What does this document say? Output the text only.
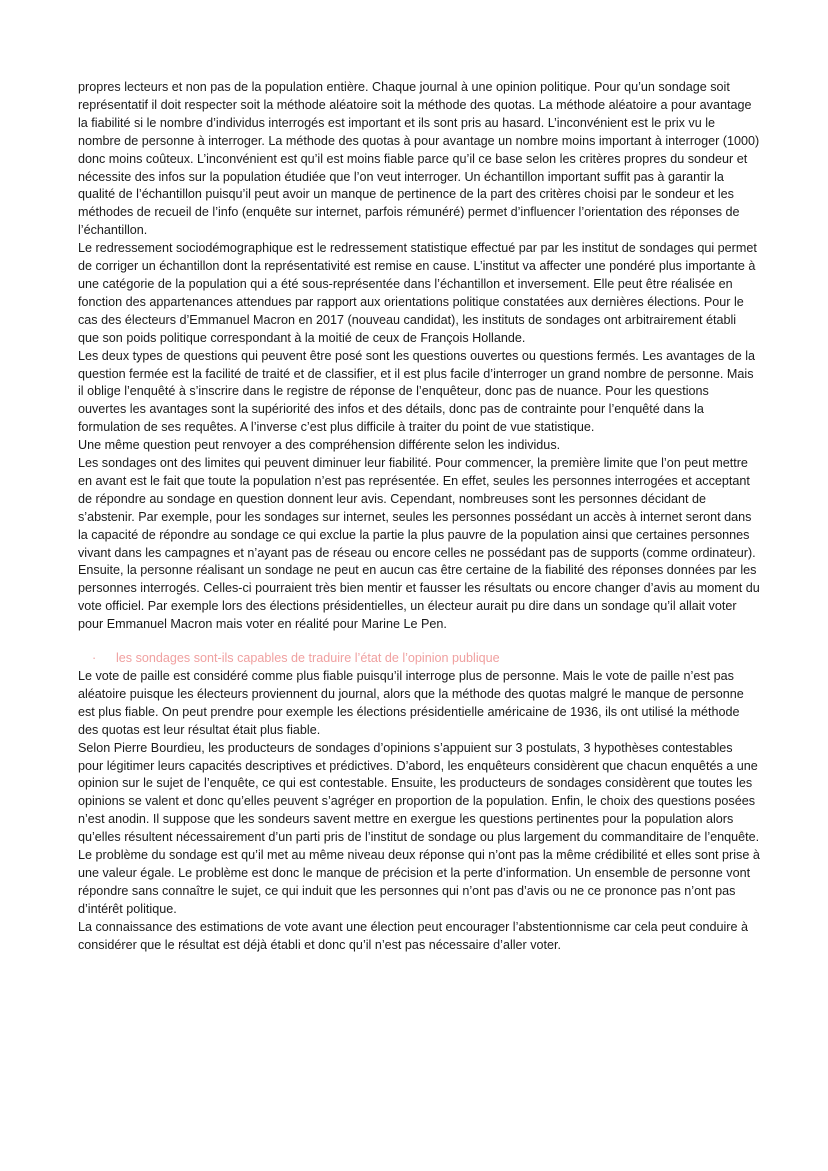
propres lecteurs et non pas de la population entière. Chaque journal à une opinion politique. Pour qu’un sondage soit représentatif il doit respecter soit la méthode aléatoire soit la méthode des quotas. La méthode aléatoire a pour avantage la fiabilité si le nombre d’individus interrogés est important et ils sont pris au hasard. L’inconvénient est le prix vu le nombre de personne à interroger. La méthode des quotas à pour avantage un nombre moins important à interroger (1000) donc moins coûteux. L’inconvénient est qu’il est moins fiable parce qu’il ce base selon les critères propres du sondeur et nécessite des infos sur la population étudiée que l’on veut interroger. Un échantillon important suffit pas à garantir la qualité de l’échantillon puisqu’il peut avoir un manque de pertinence de la part des critères choisi par le sondeur et les méthodes de recueil de l’info (enquête sur internet, parfois rémunéré) permet d’influencer l’orientation des réponses de l’échantillon.

Le redressement sociodémographique est le redressement statistique effectué par par les institut de sondages qui permet de corriger un échantillon dont la représentativité est remise en cause. L’institut va affecter une pondéré plus importante à une catégorie de la population qui a été sous-représentée dans l’échantillon et inversement. Elle peut être réalisée en fonction des appartenances attendues par rapport aux orientations politique constatées aux dernières élections. Pour le cas des électeurs d’Emmanuel Macron en 2017 (nouveau candidat), les instituts de sondages ont arbitrairement établi que son poids politique correspondant à la moitié de ceux de François Hollande.

Les deux types de questions qui peuvent être posé sont les questions ouvertes ou questions fermés. Les avantages de la question fermée est la facilité de traité et de classifier, et il est plus facile d’interroger un grand nombre de personne. Mais il oblige l’enquêté à s’inscrire dans le registre de réponse de l’enquêteur, donc pas de nuance. Pour les questions ouvertes les avantages sont la supériorité des infos et des détails, donc pas de contrainte pour l’enquêté dans la formulation de ses requêtes. A l’inverse c’est plus difficile à traiter du point de vue statistique.

Une même question peut renvoyer a des compréhension différente selon les individus.

Les sondages ont des limites qui peuvent diminuer leur fiabilité. Pour commencer, la première limite que l’on peut mettre en avant est le fait que toute la population n’est pas représentée. En effet, seules les personnes interrogées et acceptant de répondre au sondage en question donnent leur avis. Cependant, nombreuses sont les personnes décidant de s’abstenir. Par exemple, pour les sondages sur internet, seules les personnes possédant un accès à internet seront dans la capacité de répondre au sondage ce qui exclue la partie la plus pauvre de la population ainsi que certaines personnes vivant dans les campagnes et n’ayant pas de réseau ou encore celles ne possédant pas de supports (comme ordinateur). Ensuite, la personne réalisant un sondage ne peut en aucun cas être certaine de la fiabilité des réponses données par les personnes interrogés. Celles-ci pourraient très bien mentir et fausser les résultats ou encore changer d’avis au moment du vote officiel. Par exemple lors des élections présidentielles, un électeur aurait pu dire dans un sondage qu’il allait voter pour Emmanuel Macron mais voter en réalité pour Marine Le Pen.

· les sondages sont-ils capables de traduire l’état de l’opinion publique

Le vote de paille est considéré comme plus fiable puisqu’il interroge plus de personne. Mais le vote de paille n’est pas aléatoire puisque les électeurs proviennent du journal, alors que la méthode des quotas malgré le manque de personne est plus fiable. On peut prendre pour exemple les élections présidentielle américaine de 1936, ils ont utilisé la méthode des quotas est leur résultat était plus fiable.

Selon Pierre Bourdieu, les producteurs de sondages d’opinions s’appuient sur 3 postulats, 3 hypothèses contestables pour légitimer leurs capacités descriptives et prédictives. D’abord, les enquêteurs considèrent que chacun enquêtés a une opinion sur le sujet de l’enquête, ce qui est contestable. Ensuite, les producteurs de sondages considèrent que toutes les opinions se valent et donc qu’elles peuvent s’agréger en proportion de la population. Enfin, le choix des questions posées n’est anodin. Il suppose que les sondeurs savent mettre en exergue les questions pertinentes pour la population alors qu’elles résultent nécessairement d’un parti pris de l’institut de sondage ou plus largement du commanditaire de l’enquête.

Le problème du sondage est qu’il met au même niveau deux réponse qui n’ont pas la même crédibilité et elles sont prise à une valeur égale. Le problème est donc le manque de précision et la perte d’information. Un ensemble de personne vont répondre sans connaître le sujet, ce qui induit que les personnes qui n’ont pas d’avis ou ne ce prononce pas n’ont pas d’intérêt politique.

La connaissance des estimations de vote avant une élection peut encourager l’abstentionnisme car cela peut conduire à considérer que le résultat est déjà établi et donc qu’il n’est pas nécessaire d’aller voter.
